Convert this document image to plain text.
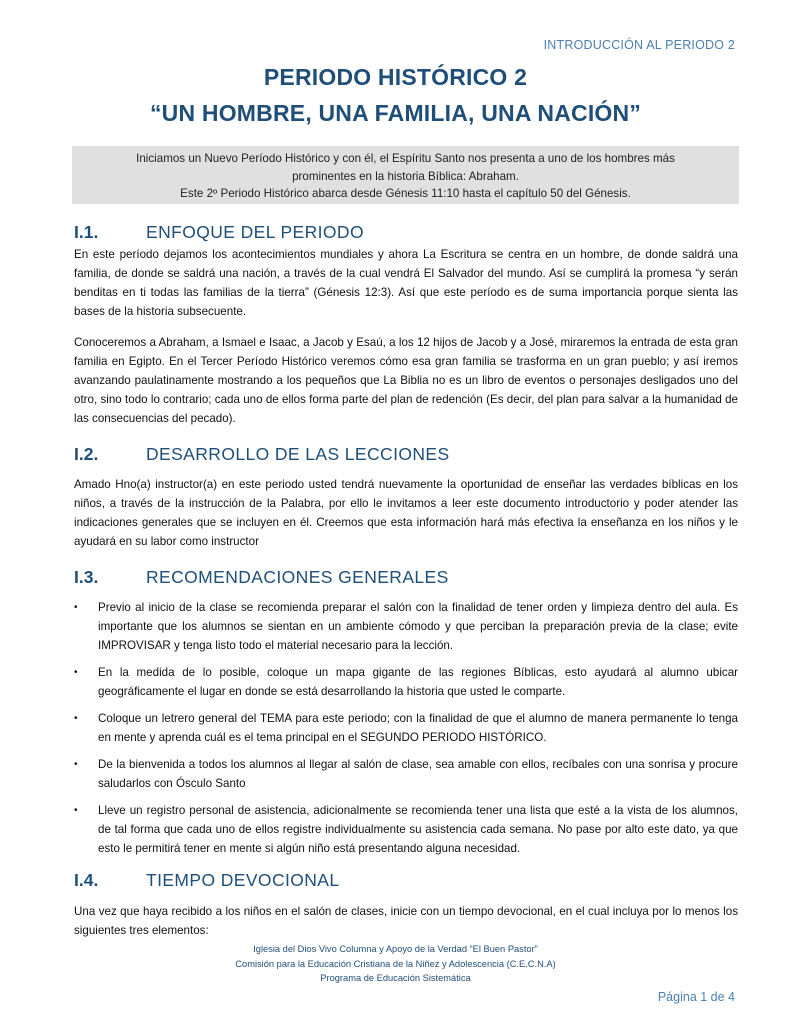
INTRODUCCIÓN AL PERIODO 2
PERIODO HISTÓRICO 2
“UN HOMBRE, UNA FAMILIA, UNA NACIÓN”
Iniciamos un Nuevo Período Histórico y con él, el Espíritu Santo nos presenta a uno de los hombres más
prominentes en la historia Bíblica: Abraham.
Este 2º Periodo Histórico abarca desde Génesis 11:10 hasta el capítulo 50 del Génesis.
I.1.	ENFOQUE DEL PERIODO

En este período dejamos los acontecimientos mundiales y ahora La Escritura se centra en un hombre, de donde saldrá una familia, de donde se saldrá una nación, a través de la cual vendrá El Salvador del mundo. Así se cumplirá la promesa “y serán benditas en ti todas las familias de la tierra” (Génesis 12:3). Así que este período es de suma importancia porque sienta las bases de la historia subsecuente.

Conoceremos a Abraham, a Ismael e Isaac, a Jacob y Esaú, a los 12 hijos de Jacob y a José, miraremos la entrada de esta gran familia en Egipto. En el Tercer Período Histórico veremos cómo esa gran familia se trasforma en un gran pueblo; y así iremos avanzando paulatinamente mostrando a los pequeños que La Biblia no es un libro de eventos o personajes desligados uno del otro, sino todo lo contrario; cada uno de ellos forma parte del plan de redención (Es decir, del plan para salvar a la humanidad de las consecuencias del pecado).

I.2.	DESARROLLO DE LAS LECCIONES

Amado Hno(a) instructor(a) en este periodo usted tendrá nuevamente la oportunidad de enseñar las verdades bíblicas en los niños, a través de la instrucción de la Palabra, por ello le invitamos a leer este documento introductorio y poder atender las indicaciones generales que se incluyen en él. Creemos que esta información hará más efectiva la enseñanza en los niños y le ayudará en su labor como instructor

I.3.	RECOMENDACIONES GENERALES
• Previo al inicio de la clase se recomienda preparar el salón con la finalidad de tener orden y limpieza dentro del aula. Es importante que los alumnos se sientan en un ambiente cómodo y que perciban la preparación previa de la clase; evite IMPROVISAR y tenga listo todo el material necesario para la lección.
• En la medida de lo posible, coloque un mapa gigante de las regiones Bíblicas, esto ayudará al alumno ubicar geográficamente el lugar en donde se está desarrollando la historia que usted le comparte.
• Coloque un letrero general del TEMA para este periodo; con la finalidad de que el alumno de manera permanente lo tenga en mente y aprenda cuál es el tema principal en el SEGUNDO PERIODO HISTÓRICO.
• De la bienvenida a todos los alumnos al llegar al salón de clase, sea amable con ellos, recíbales con una sonrisa y procure saludarlos con Ósculo Santo
• Lleve un registro personal de asistencia, adicionalmente se recomienda tener una lista que esté a la vista de los alumnos, de tal forma que cada uno de ellos registre individualmente su asistencia cada semana. No pase por alto este dato, ya que esto le permitirá tener en mente si algún niño está presentando alguna necesidad.
I.4.	TIEMPO DEVOCIONAL

Una vez que haya recibido a los niños en el salón de clases, inicie con un tiempo devocional, en el cual incluya por lo menos los siguientes tres elementos:

Iglesia del Dios Vivo Columna y Apoyo de la Verdad “El Buen Pastor”
Comisión para la Educación Cristiana de la Niñez y Adolescencia (C.E.C.N.A)
Programa de Educación Sistemática
Página 1 de 4
